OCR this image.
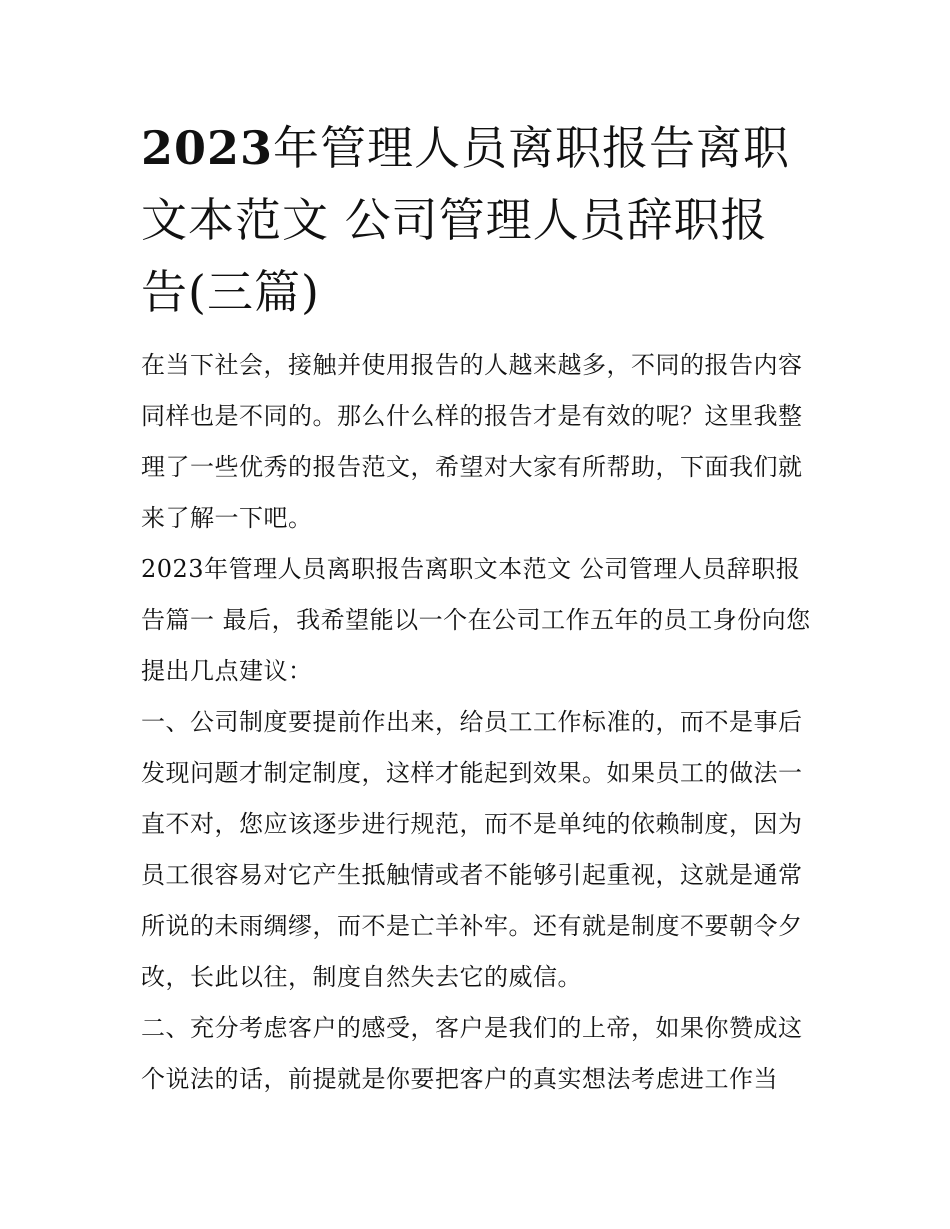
2023年管理人员离职报告离职文本范文 公司管理人员辞职报告(三篇)

在当下社会，接触并使用报告的人越来越多，不同的报告内容同样也是不同的。那么什么样的报告才是有效的呢？这里我整理了一些优秀的报告范文，希望对大家有所帮助，下面我们就来了解一下吧。

2023年管理人员离职报告离职文本范文 公司管理人员辞职报告篇一 最后，我希望能以一个在公司工作五年的员工身份向您提出几点建议：

一、公司制度要提前作出来，给员工工作标准的，而不是事后发现问题才制定制度，这样才能起到效果。如果员工的做法一直不对，您应该逐步进行规范，而不是单纯的依赖制度，因为员工很容易对它产生抵触情或者不能够引起重视，这就是通常所说的未雨绸缪，而不是亡羊补牢。还有就是制度不要朝令夕改，长此以往，制度自然失去它的威信。

二、充分考虑客户的感受，客户是我们的上帝，如果你赞成这个说法的话，前提就是你要把客户的真实想法考虑进工作当
